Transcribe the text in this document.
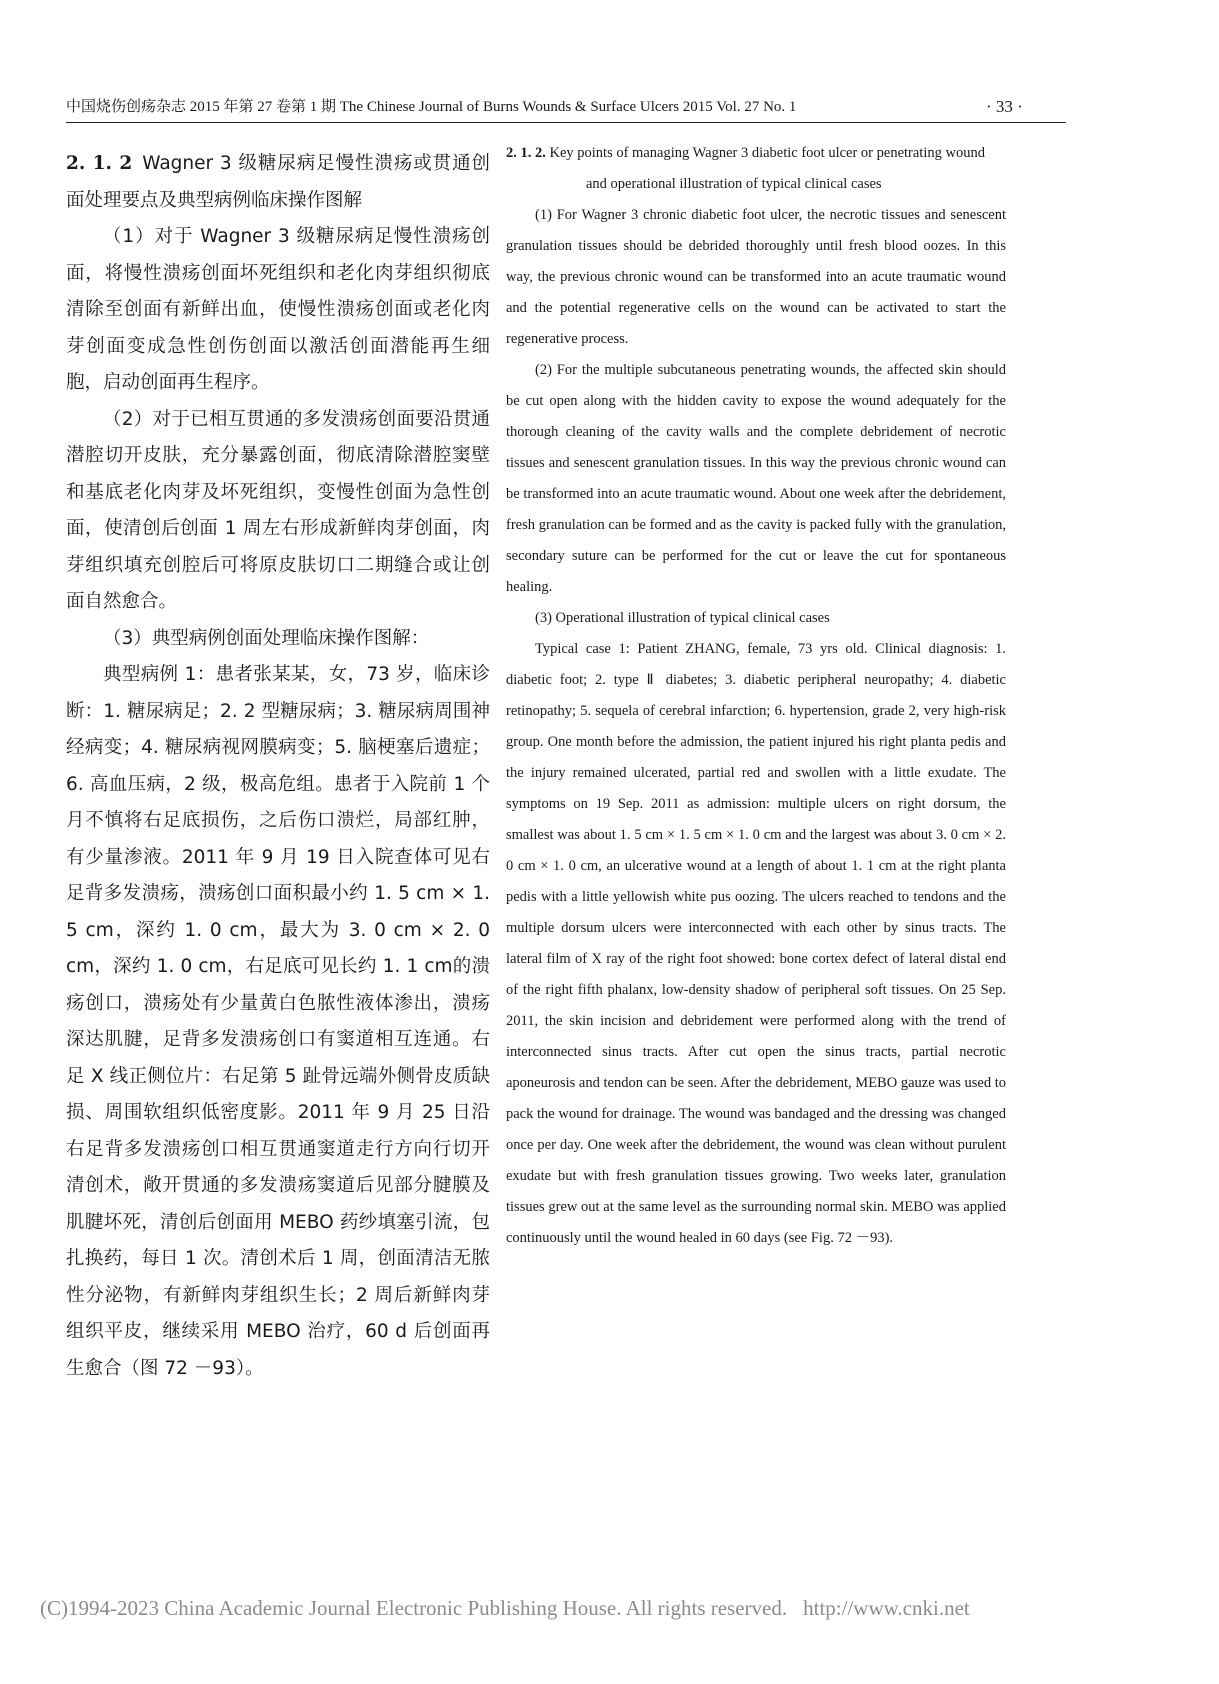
中国烧伤创疡杂志 2015 年第 27 卷第 1 期 The Chinese Journal of Burns Wounds & Surface Ulcers 2015 Vol. 27 No. 1	· 33 ·
2. 1. 2 Wagner 3 级糖尿病足慢性溃疡或贯通创面处理要点及典型病例临床操作图解

（1）对于 Wagner 3 级糖尿病足慢性溃疡创面，将慢性溃疡创面坏死组织和老化肉芽组织彻底清除至创面有新鲜出血，使慢性溃疡创面或老化肉芽创面变成急性创伤创面以激活创面潜能再生细胞，启动创面再生程序。

（2）对于已相互贯通的多发溃疡创面要沿贯通潜腔切开皮肤，充分暴露创面，彻底清除潜腔窦壁和基底老化肉芽及坏死组织，变慢性创面为急性创面，使清创后创面 1 周左右形成新鲜肉芽创面，肉芽组织填充创腔后可将原皮肤切口二期缝合或让创面自然愈合。

（3）典型病例创面处理临床操作图解：

典型病例 1：患者张某某，女，73 岁，临床诊断：1. 糖尿病足；2. 2 型糖尿病；3. 糖尿病周围神经病变；4. 糖尿病视网膜病变；5. 脑梗塞后遗症；6. 高血压病，2 级，极高危组。患者于入院前 1 个月不慎将右足底损伤，之后伤口溃烂，局部红肿，有少量渗液。2011 年 9 月 19 日入院查体可见右足背多发溃疡，溃疡创口面积最小约 1. 5 cm × 1. 5 cm，深约 1. 0 cm，最大为 3. 0 cm × 2. 0 cm，深约 1. 0 cm，右足底可见长约 1. 1 cm的溃疡创口，溃疡处有少量黄白色脓性液体渗出，溃疡深达肌腱，足背多发溃疡创口有窦道相互连通。右足 X 线正侧位片：右足第 5 趾骨远端外侧骨皮质缺损、周围软组织低密度影。2011 年 9 月 25 日沿右足背多发溃疡创口相互贯通窦道走行方向行切开清创术，敞开贯通的多发溃疡窦道后见部分腱膜及肌腱坏死，清创后创面用 MEBO 药纱填塞引流，包扎换药，每日 1 次。清创术后 1 周，创面清洁无脓性分泌物，有新鲜肉芽组织生长；2 周后新鲜肉芽组织平皮，继续采用 MEBO 治疗，60 d 后创面再生愈合（图 72 －93）。

2. 1. 2. Key points of managing Wagner 3 diabetic foot ulcer or penetrating wound and operational illustration of typical clinical cases

(1) For Wagner 3 chronic diabetic foot ulcer, the necrotic tissues and senescent granulation tissues should be debrided thoroughly until fresh blood oozes. In this way, the previous chronic wound can be transformed into an acute traumatic wound and the potential regenerative cells on the wound can be activated to start the regenerative process.

(2) For the multiple subcutaneous penetrating wounds, the affected skin should be cut open along with the hidden cavity to expose the wound adequately for the thorough cleaning of the cavity walls and the complete debridement of necrotic tissues and senescent granulation tissues. In this way the previous chronic wound can be transformed into an acute traumatic wound. About one week after the debridement, fresh granulation can be formed and as the cavity is packed fully with the granulation, secondary suture can be performed for the cut or leave the cut for spontaneous healing.

(3) Operational illustration of typical clinical cases

Typical case 1: Patient ZHANG, female, 73 yrs old. Clinical diagnosis: 1. diabetic foot; 2. type Ⅱ diabetes; 3. diabetic peripheral neuropathy; 4. diabetic retinopathy; 5. sequela of cerebral infarction; 6. hypertension, grade 2, very high-risk group. One month before the admission, the patient injured his right planta pedis and the injury remained ulcerated, partial red and swollen with a little exudate. The symptoms on 19 Sep. 2011 as admission: multiple ulcers on right dorsum, the smallest was about 1. 5 cm × 1. 5 cm × 1. 0 cm and the largest was about 3. 0 cm × 2. 0 cm × 1. 0 cm, an ulcerative wound at a length of about 1. 1 cm at the right planta pedis with a little yellowish white pus oozing. The ulcers reached to tendons and the multiple dorsum ulcers were interconnected with each other by sinus tracts. The lateral film of X ray of the right foot showed: bone cortex defect of lateral distal end of the right fifth phalanx, low-density shadow of peripheral soft tissues. On 25 Sep. 2011, the skin incision and debridement were performed along with the trend of interconnected sinus tracts. After cut open the sinus tracts, partial necrotic aponeurosis and tendon can be seen. After the debridement, MEBO gauze was used to pack the wound for drainage. The wound was bandaged and the dressing was changed once per day. One week after the debridement, the wound was clean without purulent exudate but with fresh granulation tissues growing. Two weeks later, granulation tissues grew out at the same level as the surrounding normal skin. MEBO was applied continuously until the wound healed in 60 days (see Fig. 72 －93).

(C)1994-2023 China Academic Journal Electronic Publishing House. All rights reserved. http://www.cnki.net
